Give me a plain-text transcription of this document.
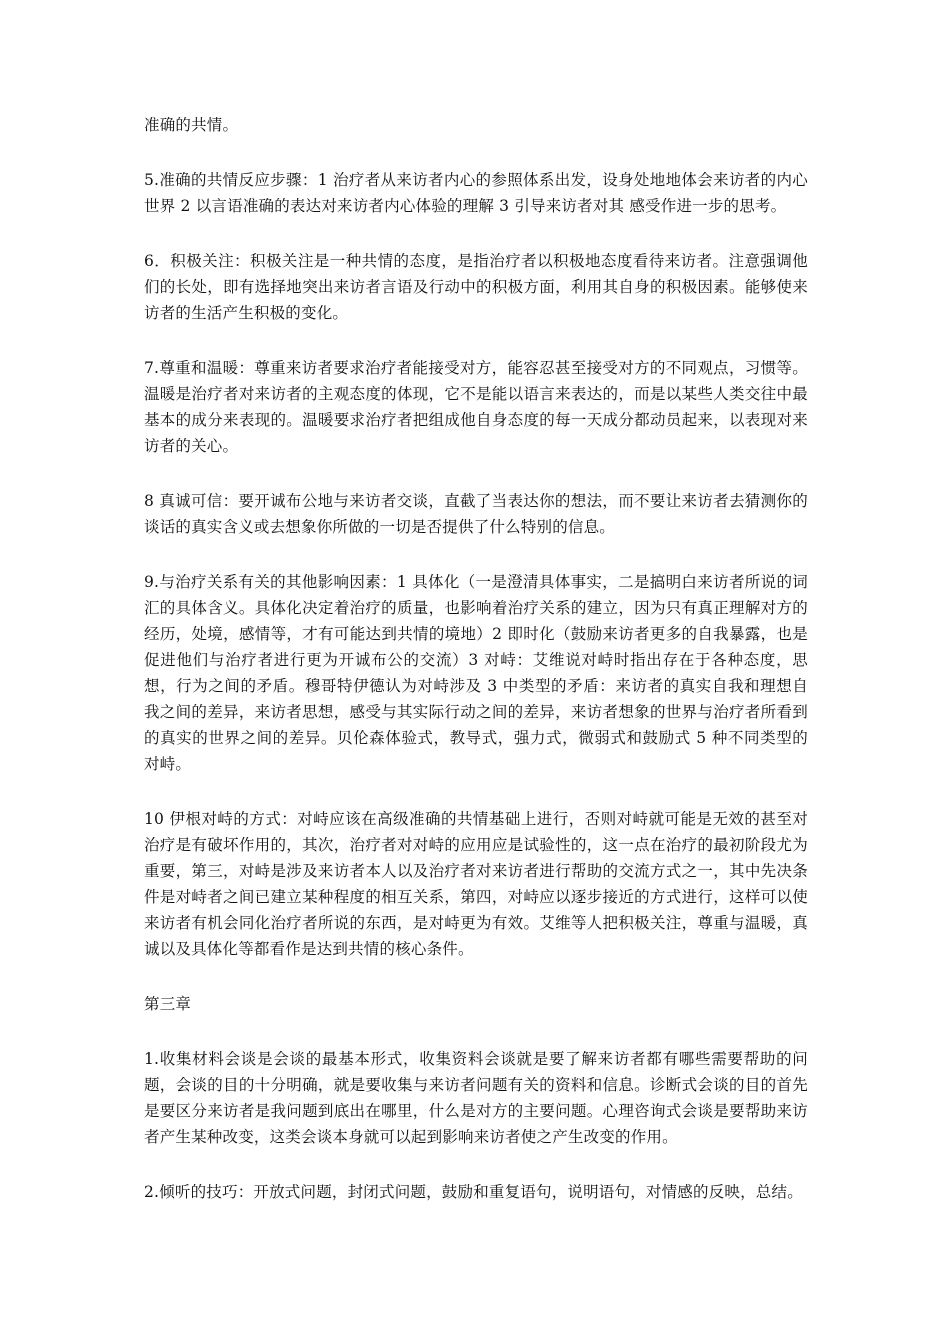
准确的共情。

5.准确的共情反应步骤：1 治疗者从来访者内心的参照体系出发，设身处地地体会来访者的内心世界 2 以言语准确的表达对来访者内心体验的理解 3 引导来访者对其 感受作进一步的思考。

6．积极关注：积极关注是一种共情的态度，是指治疗者以积极地态度看待来访者。注意强调他们的长处，即有选择地突出来访者言语及行动中的积极方面，利用其自身的积极因素。能够使来访者的生活产生积极的变化。

7.尊重和温暖：尊重来访者要求治疗者能接受对方，能容忍甚至接受对方的不同观点，习惯等。温暖是治疗者对来访者的主观态度的体现，它不是能以语言来表达的，而是以某些人类交往中最基本的成分来表现的。温暖要求治疗者把组成他自身态度的每一天成分都动员起来，以表现对来访者的关心。

8 真诚可信：要开诚布公地与来访者交谈，直截了当表达你的想法，而不要让来访者去猜测你的谈话的真实含义或去想象你所做的一切是否提供了什么特别的信息。

9.与治疗关系有关的其他影响因素：1 具体化（一是澄清具体事实，二是搞明白来访者所说的词汇的具体含义。具体化决定着治疗的质量，也影响着治疗关系的建立，因为只有真正理解对方的经历，处境，感情等，才有可能达到共情的境地）2 即时化（鼓励来访者更多的自我暴露，也是促进他们与治疗者进行更为开诚布公的交流）3 对峙：艾维说对峙时指出存在于各种态度，思想，行为之间的矛盾。穆哥特伊德认为对峙涉及 3 中类型的矛盾：来访者的真实自我和理想自我之间的差异，来访者思想，感受与其实际行动之间的差异，来访者想象的世界与治疗者所看到的真实的世界之间的差异。贝伦森体验式，教导式，强力式，微弱式和鼓励式 5 种不同类型的对峙。

10 伊根对峙的方式：对峙应该在高级准确的共情基础上进行，否则对峙就可能是无效的甚至对治疗是有破坏作用的，其次，治疗者对对峙的应用应是试验性的，这一点在治疗的最初阶段尤为重要，第三，对峙是涉及来访者本人以及治疗者对来访者进行帮助的交流方式之一，其中先决条件是对峙者之间已建立某种程度的相互关系，第四，对峙应以逐步接近的方式进行，这样可以使来访者有机会同化治疗者所说的东西，是对峙更为有效。艾维等人把积极关注，尊重与温暖，真诚以及具体化等都看作是达到共情的核心条件。

第三章

1.收集材料会谈是会谈的最基本形式，收集资料会谈就是要了解来访者都有哪些需要帮助的问题，会谈的目的十分明确，就是要收集与来访者问题有关的资料和信息。诊断式会谈的目的首先是要区分来访者是我问题到底出在哪里，什么是对方的主要问题。心理咨询式会谈是要帮助来访者产生某种改变，这类会谈本身就可以起到影响来访者使之产生改变的作用。

2.倾听的技巧：开放式问题，封闭式问题，鼓励和重复语句，说明语句，对情感的反映，总结。
